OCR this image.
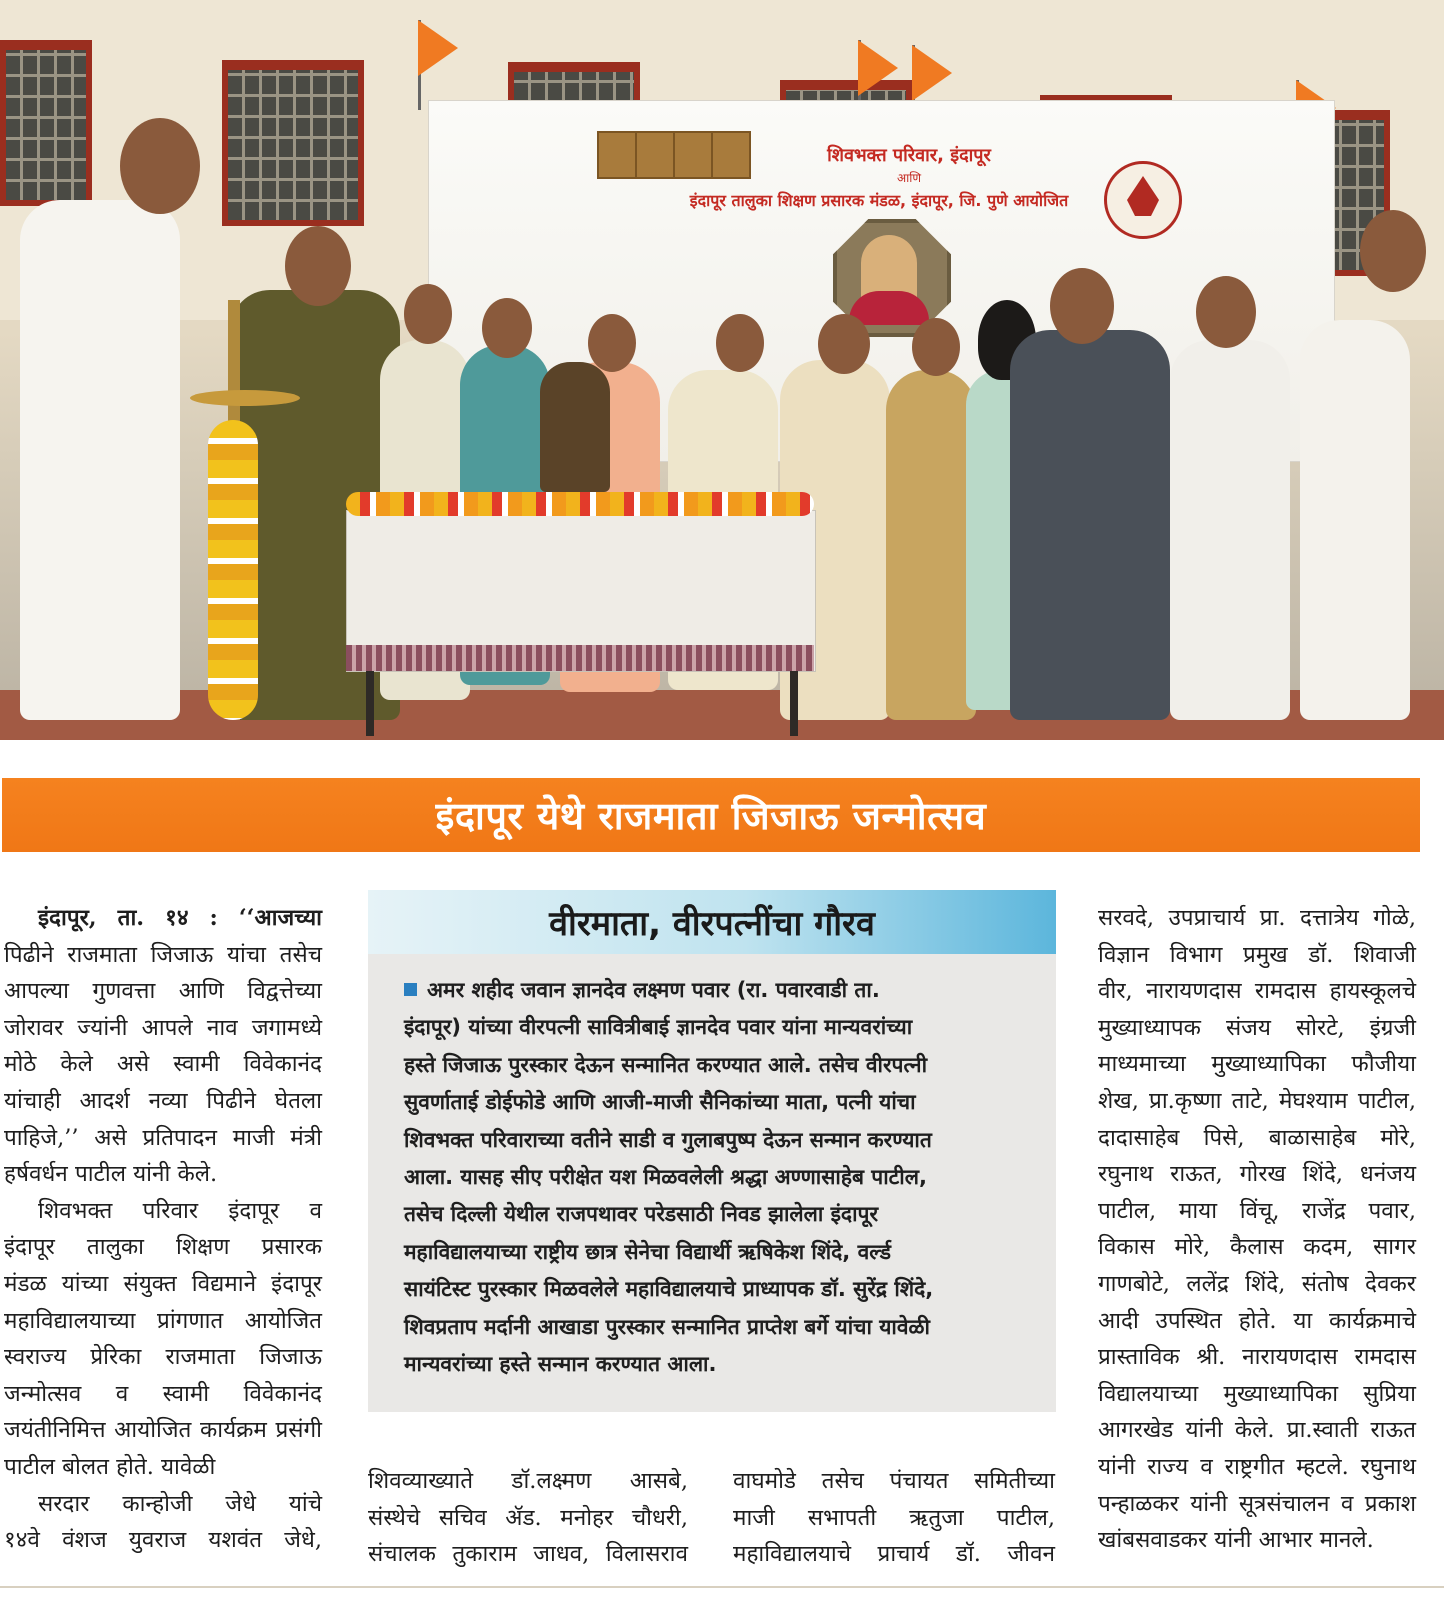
शिवभक्त परिवार, इंदापूर
आणि
इंदापूर तालुका शिक्षण प्रसारक मंडळ, इंदापूर, जि. पुणे आयोजित
इंदापूर येथे राजमाता जिजाऊ जन्मोत्सव

इंदापूर, ता. १४ : ‘‘आजच्या

पिढीने राजमाता जिजाऊ यांचा तसेच

आपल्या गुणवत्ता आणि विद्वत्तेच्या

जोरावर ज्यांनी आपले नाव जगामध्ये

मोठे केले असे स्वामी विवेकानंद

यांचाही आदर्श नव्या पिढीने घेतला

पाहिजे,’’ असे प्रतिपादन माजी मंत्री

हर्षवर्धन पाटील यांनी केले.

शिवभक्त परिवार इंदापूर व

इंदापूर तालुका शिक्षण प्रसारक

मंडळ यांच्या संयुक्त विद्यमाने इंदापूर

महाविद्यालयाच्या प्रांगणात आयोजित

स्वराज्य प्रेरिका राजमाता जिजाऊ

जन्मोत्सव व स्वामी विवेकानंद

जयंतीनिमित्त आयोजित कार्यक्रम प्रसंगी

पाटील बोलत होते. यावेळी

सरदार कान्होजी जेधे यांचे

१४वे वंशज युवराज यशवंत जेधे,

वीरमाता, वीरपत्नींचा गौरव

अमर शहीद जवान ज्ञानदेव लक्ष्मण पवार (रा. पवारवाडी ता.

इंदापूर) यांच्या वीरपत्नी सावित्रीबाई ज्ञानदेव पवार यांना मान्यवरांच्या

हस्ते जिजाऊ पुरस्कार देऊन सन्मानित करण्यात आले. तसेच वीरपत्नी

सुवर्णाताई डोईफोडे आणि आजी-माजी सैनिकांच्या माता, पत्नी यांचा

शिवभक्त परिवाराच्या वतीने साडी व गुलाबपुष्प देऊन सन्मान करण्यात

आला. यासह सीए परीक्षेत यश मिळवलेली श्रद्धा अण्णासाहेब पाटील,

तसेच दिल्ली येथील राजपथावर परेडसाठी निवड झालेला इंदापूर

महाविद्यालयाच्या राष्ट्रीय छात्र सेनेचा विद्यार्थी ऋषिकेश शिंदे, वर्ल्ड

सायंटिस्ट पुरस्कार मिळवलेले महाविद्यालयाचे प्राध्यापक डॉ. सुरेंद्र शिंदे,

शिवप्रताप मर्दानी आखाडा पुरस्कार सन्मानित प्राप्तेश बर्गे यांचा यावेळी

मान्यवरांच्या हस्ते सन्मान करण्यात आला.

शिवव्याख्याते डॉ.लक्ष्मण आसबे,

संस्थेचे सचिव ॲड. मनोहर चौधरी,

संचालक तुकाराम जाधव, विलासराव

वाघमोडे तसेच पंचायत समितीच्या

माजी सभापती ऋतुजा पाटील,

महाविद्यालयाचे प्राचार्य डॉ. जीवन

सरवदे, उपप्राचार्य प्रा. दत्तात्रेय गोळे,

विज्ञान विभाग प्रमुख डॉ. शिवाजी

वीर, नारायणदास रामदास हायस्कूलचे

मुख्याध्यापक संजय सोरटे, इंग्रजी

माध्यमाच्या मुख्याध्यापिका फौजीया

शेख, प्रा.कृष्णा ताटे, मेघश्याम पाटील,

दादासाहेब पिसे, बाळासाहेब मोरे,

रघुनाथ राऊत, गोरख शिंदे, धनंजय

पाटील, माया विंचू, राजेंद्र पवार,

विकास मोरे, कैलास कदम, सागर

गाणबोटे, ललेंद्र शिंदे, संतोष देवकर

आदी उपस्थित होते. या कार्यक्रमाचे

प्रास्ताविक श्री. नारायणदास रामदास

विद्यालयाच्या मुख्याध्यापिका सुप्रिया

आगरखेड यांनी केले. प्रा.स्वाती राऊत

यांनी राज्य व राष्ट्रगीत म्हटले. रघुनाथ

पन्हाळकर यांनी सूत्रसंचालन व प्रकाश

खांबसवाडकर यांनी आभार मानले.
